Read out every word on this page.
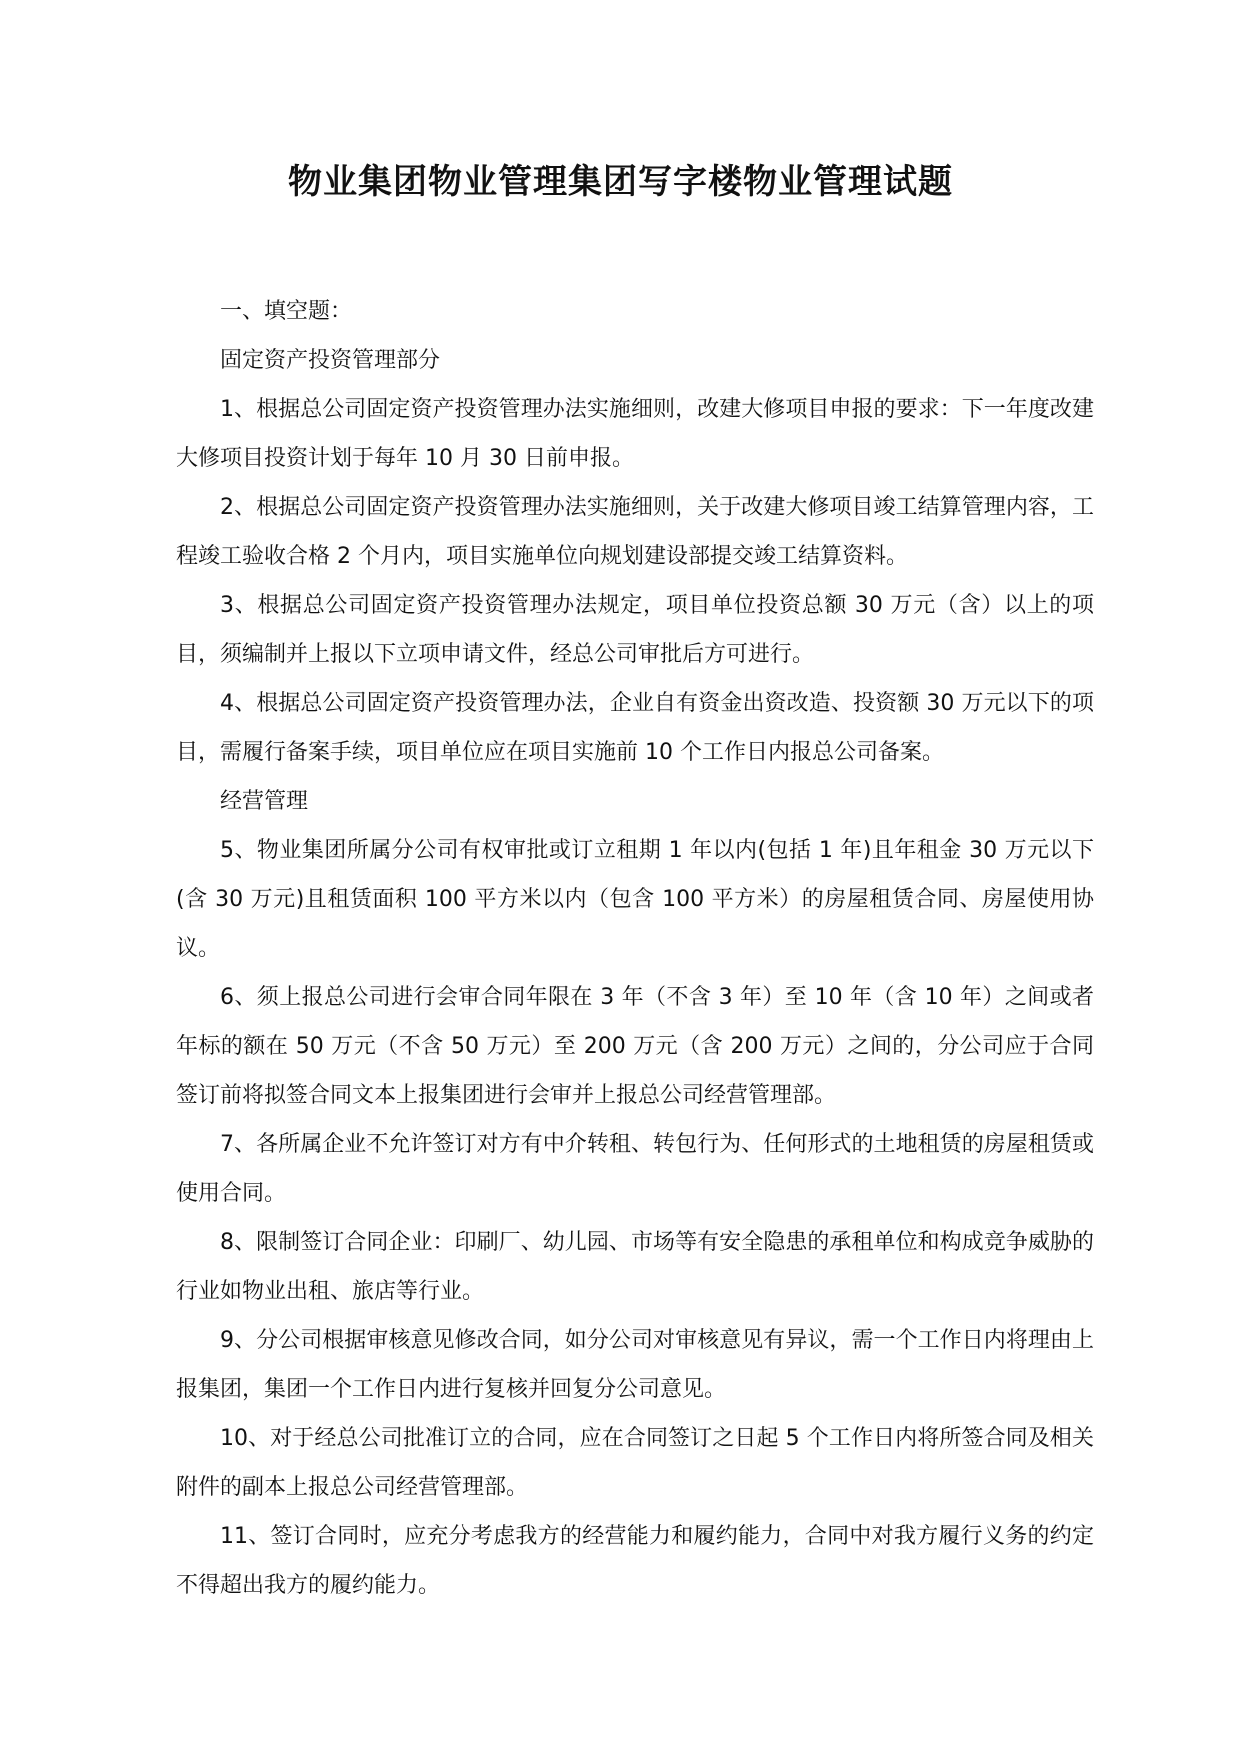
物业集团物业管理集团写字楼物业管理试题

一、填空题：

固定资产投资管理部分

1、根据总公司固定资产投资管理办法实施细则，改建大修项目申报的要求：下一年度改建大修项目投资计划于每年 10 月 30 日前申报。

2、根据总公司固定资产投资管理办法实施细则，关于改建大修项目竣工结算管理内容，工程竣工验收合格 2 个月内，项目实施单位向规划建设部提交竣工结算资料。

3、根据总公司固定资产投资管理办法规定，项目单位投资总额 30 万元（含）以上的项目，须编制并上报以下立项申请文件，经总公司审批后方可进行。

4、根据总公司固定资产投资管理办法，企业自有资金出资改造、投资额 30 万元以下的项目，需履行备案手续，项目单位应在项目实施前 10 个工作日内报总公司备案。

经营管理

5、物业集团所属分公司有权审批或订立租期 1 年以内(包括 1 年)且年租金 30 万元以下(含 30 万元)且租赁面积 100 平方米以内（包含 100 平方米）的房屋租赁合同、房屋使用协议。

6、须上报总公司进行会审合同年限在 3 年（不含 3 年）至 10 年（含 10 年）之间或者年标的额在 50 万元（不含 50 万元）至 200 万元（含 200 万元）之间的，分公司应于合同签订前将拟签合同文本上报集团进行会审并上报总公司经营管理部。

7、各所属企业不允许签订对方有中介转租、转包行为、任何形式的土地租赁的房屋租赁或使用合同。

8、限制签订合同企业：印刷厂、幼儿园、市场等有安全隐患的承租单位和构成竞争威胁的行业如物业出租、旅店等行业。

9、分公司根据审核意见修改合同，如分公司对审核意见有异议，需一个工作日内将理由上报集团，集团一个工作日内进行复核并回复分公司意见。

10、对于经总公司批准订立的合同，应在合同签订之日起 5 个工作日内将所签合同及相关附件的副本上报总公司经营管理部。

11、签订合同时，应充分考虑我方的经营能力和履约能力，合同中对我方履行义务的约定不得超出我方的履约能力。
